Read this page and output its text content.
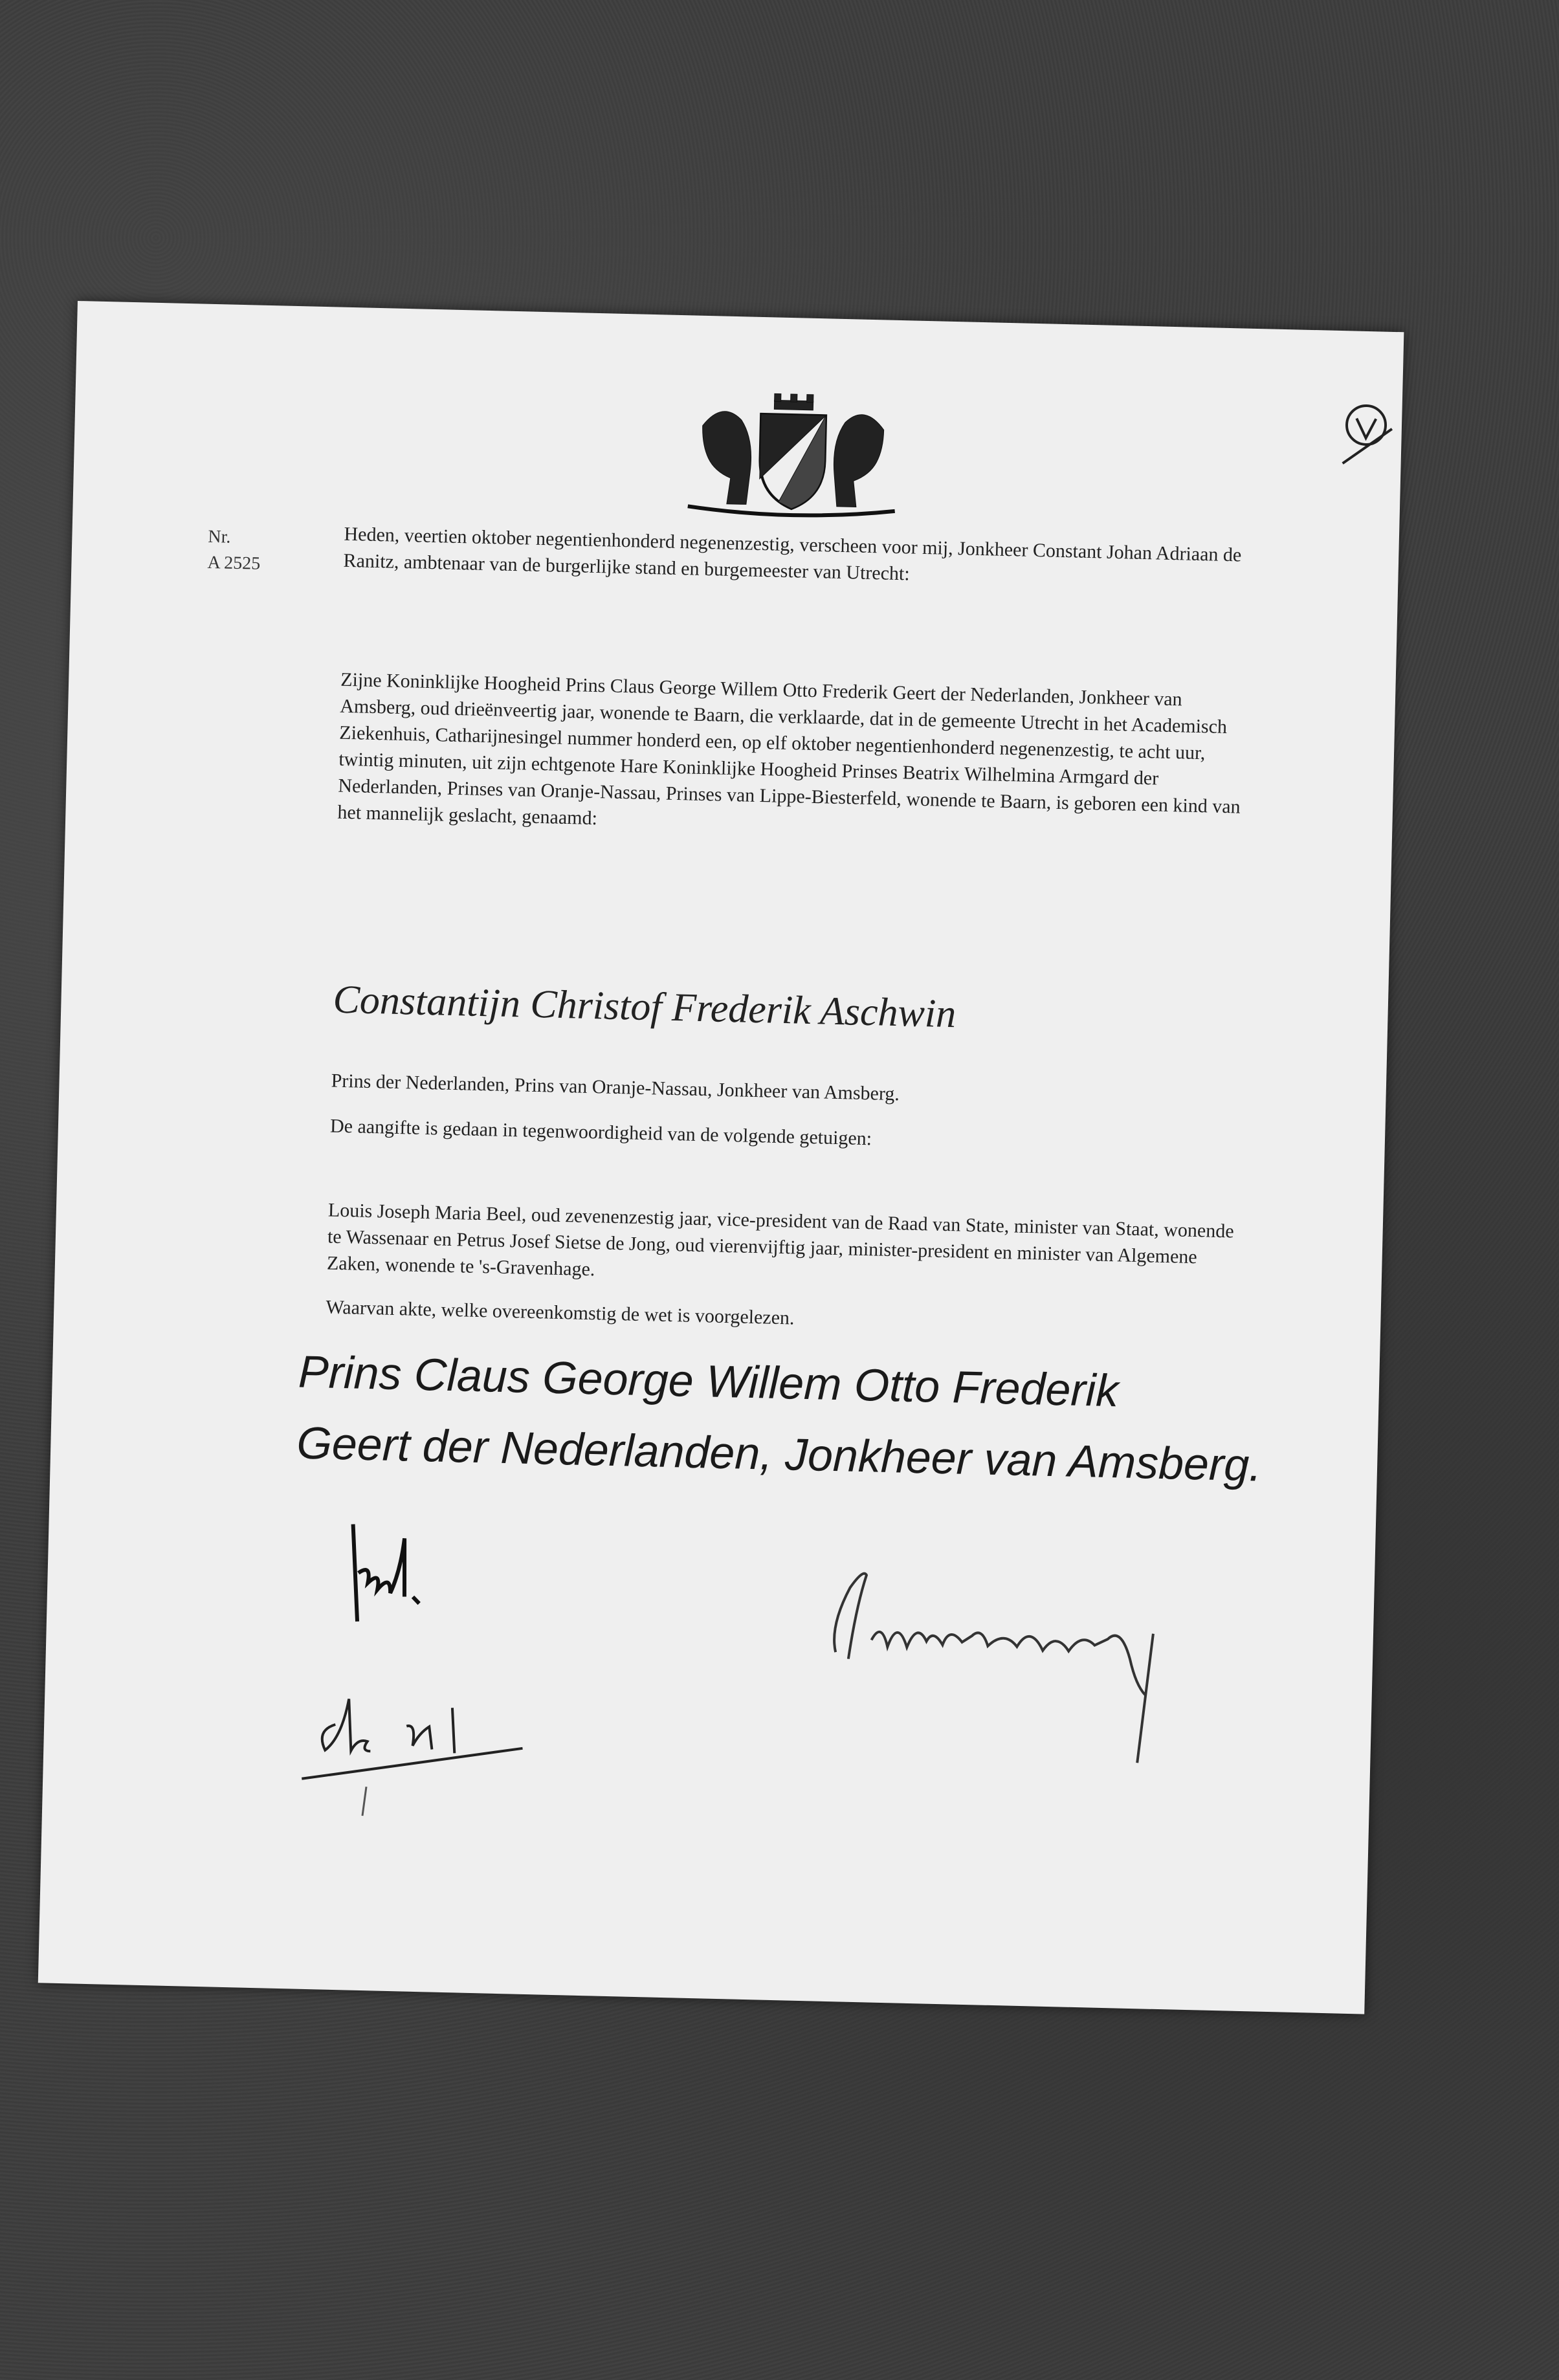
Nr.
A 2525	Heden, veertien oktober negentienhonderd negenenzestig, verscheen voor mij, Jonkheer Constant Johan Adriaan de Ranitz, ambtenaar van de burgerlijke stand en burgemeester van Utrecht:

Zijne Koninklijke Hoogheid Prins Claus George Willem Otto Frederik Geert der Nederlanden, Jonkheer van Amsberg, oud drieënveertig jaar, wonende te Baarn, die verklaarde, dat in de gemeente Utrecht in het Academisch Ziekenhuis, Catharijnesingel nummer honderd een, op elf oktober negentienhonderd negenenzestig, te acht uur, twintig minuten, uit zijn echtgenote Hare Koninklijke Hoogheid Prinses Beatrix Wilhelmina Armgard der Nederlanden, Prinses van Oranje-Nassau, Prinses van Lippe-Biesterfeld, wonende te Baarn, is geboren een kind van het mannelijk geslacht, genaamd:

Constantijn Christof Frederik Aschwin

Prins der Nederlanden, Prins van Oranje-Nassau, Jonkheer van Amsberg.

De aangifte is gedaan in tegenwoordigheid van de volgende getuigen:

Louis Joseph Maria Beel, oud zevenenzestig jaar, vice-president van de Raad van State, minister van Staat, wonende te Wassenaar en Petrus Josef Sietse de Jong, oud vierenvijftig jaar, minister-president en minister van Algemene Zaken, wonende te 's-Gravenhage.

Waarvan akte, welke overeenkomstig de wet is voorgelezen.

Prins Claus George Willem Otto Frederik
Geert der Nederlanden, Jonkheer van Amsberg.
